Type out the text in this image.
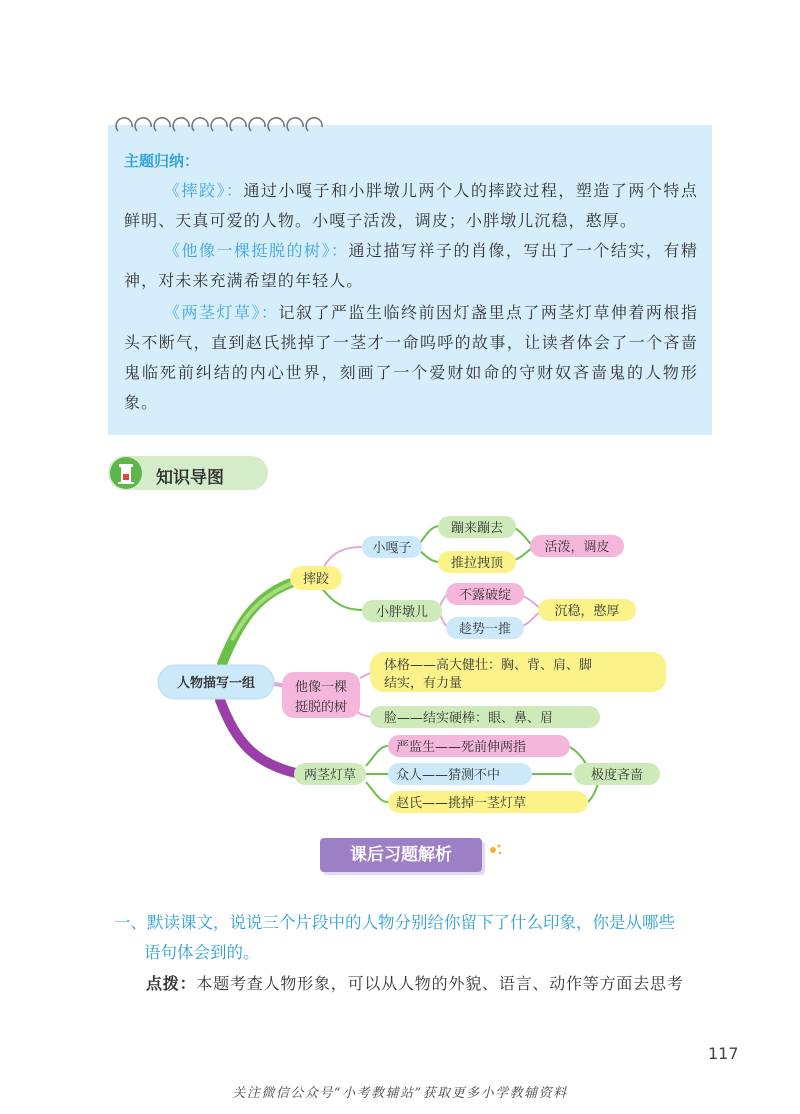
主题归纳：

《摔跤》：通过小嘎子和小胖墩儿两个人的摔跤过程，塑造了两个特点鲜明、天真可爱的人物。小嘎子活泼，调皮；小胖墩儿沉稳，憨厚。

《他像一棵挺脱的树》：通过描写祥子的肖像，写出了一个结实，有精神，对未来充满希望的年轻人。

《两茎灯草》：记叙了严监生临终前因灯盏里点了两茎灯草伸着两根指头不断气，直到赵氏挑掉了一茎才一命呜呼的故事，让读者体会了一个吝啬鬼临死前纠结的内心世界，刻画了一个爱财如命的守财奴吝啬鬼的人物形象。

知识导图
人物描写一组
摔跤
小嘎子
蹦来蹦去
推拉拽顶
活泼，调皮
小胖墩儿
不露破绽
趁势一推
沉稳，憨厚
他像一棵
挺脱的树
体格——高大健壮：胸、背、肩、脚
结实，有力量
脸——结实硬棒：眼、鼻、眉
两茎灯草
严监生——死前伸两指
众人——猜测不中
赵氏——挑掉一茎灯草
极度吝啬
课后习题解析

一、默读课文，说说三个片段中的人物分别给你留下了什么印象，你是从哪些
语句体会到的。

点拨：本题考查人物形象，可以从人物的外貌、语言、动作等方面去思考

117
关注微信公众号“小考教辅站”获取更多小学教辅资料
